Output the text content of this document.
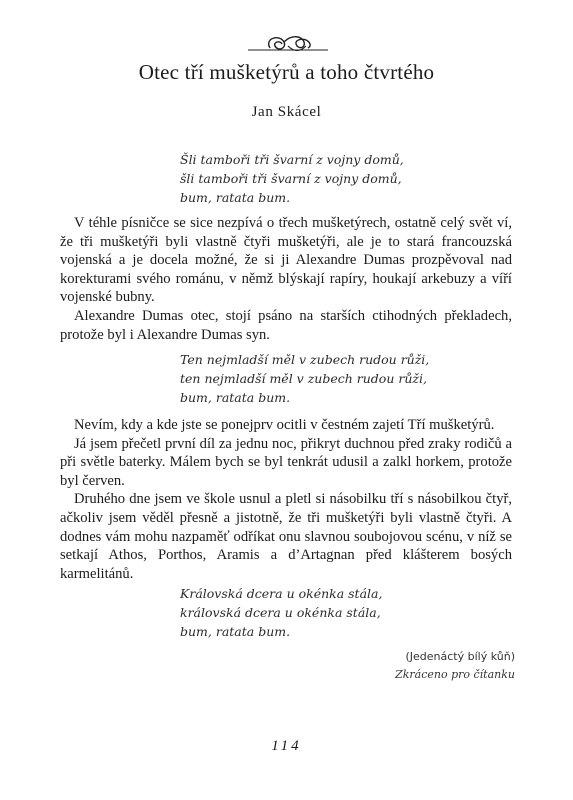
Otec tří mušketýrů a toho čtvrtého
Jan Skácel
Šli tamboři tři švarní z vojny domů,
šli tamboři tři švarní z vojny domů,
bum, ratata bum.

V téhle písničce se sice nezpívá o třech mušketýrech, ostatně celý svět ví, že tři mušketýři byli vlastně čtyři mušketýři, ale je to stará francouzská vojenská a je docela možné, že si ji Alexandre Dumas prozpěvoval nad korekturami svého románu, v němž blýskají rapíry, houkají arkebuzy a víří vojenské bubny.

Alexandre Dumas otec, stojí psáno na starších ctihodných překladech, protože byl i Alexandre Dumas syn.

Ten nejmladší měl v zubech rudou růži,
ten nejmladší měl v zubech rudou růži,
bum, ratata bum.

Nevím, kdy a kde jste se ponejprv ocitli v čestném zajetí Tří mušketýrů.

Já jsem přečetl první díl za jednu noc, přikryt duchnou před zraky rodičů a při světle baterky. Málem bych se byl tenkrát udusil a zalkl horkem, protože byl červen.

Druhého dne jsem ve škole usnul a pletl si násobilku tří s násobilkou čtyř, ačkoliv jsem věděl přesně a jistotně, že tři mušketýři byli vlastně čtyři. A dodnes vám mohu nazpaměť odříkat onu slavnou soubojovou scénu, v níž se setkají Athos, Porthos, Aramis a d’Artagnan před klášterem bosých karmelitánů.

Královská dcera u okénka stála,
královská dcera u okénka stála,
bum, ratata bum.
(Jedenáctý bílý kůň)
Zkráceno pro čítanku
114
